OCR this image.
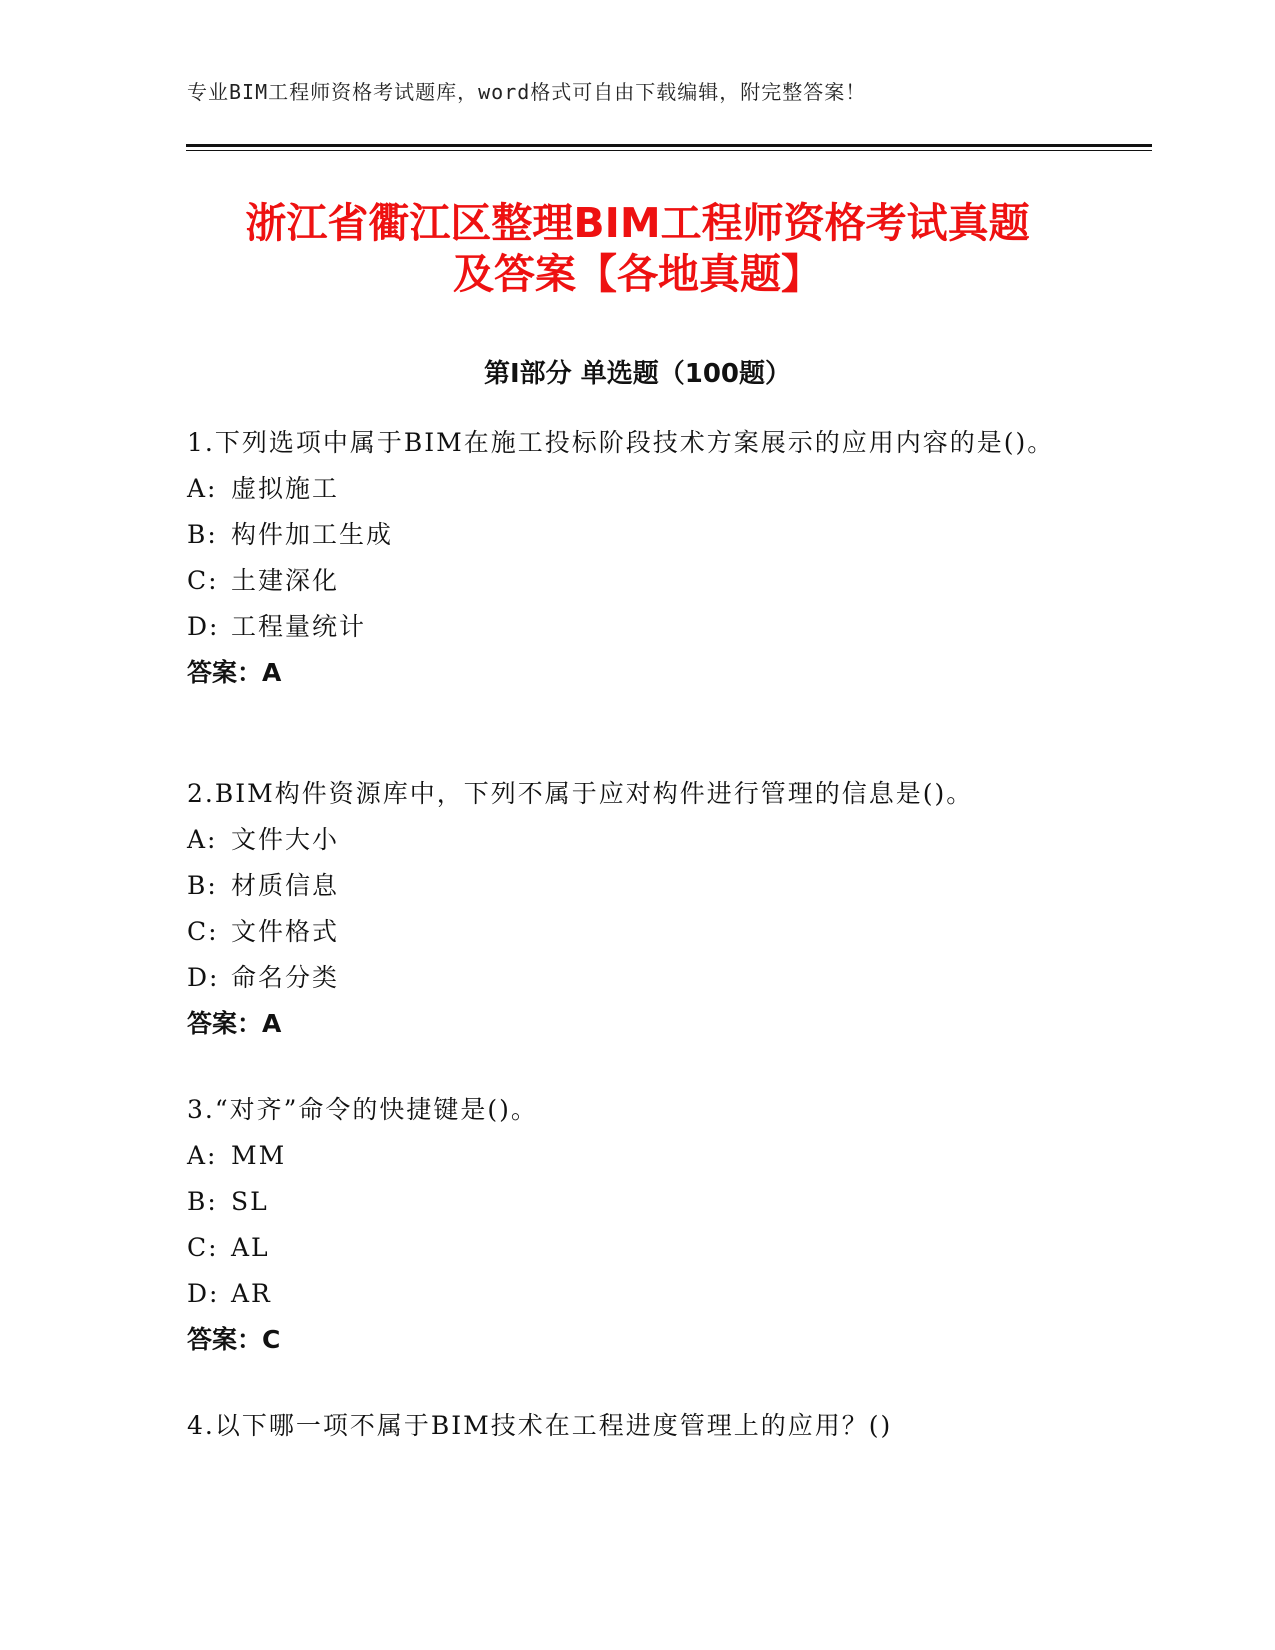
专业BIM工程师资格考试题库，word格式可自由下载编辑，附完整答案！
浙江省衢江区整理BIM工程师资格考试真题
及答案【各地真题】
第I部分 单选题（100题）
1.下列选项中属于BIM在施工投标阶段技术方案展示的应用内容的是()。
A: 虚拟施工
B: 构件加工生成
C: 土建深化
D: 工程量统计
答案：A
2.BIM构件资源库中，下列不属于应对构件进行管理的信息是()。
A: 文件大小
B: 材质信息
C: 文件格式
D: 命名分类
答案：A
3.“对齐”命令的快捷键是()。
A: MM
B: SL
C: AL
D: AR
答案：C
4.以下哪一项不属于BIM技术在工程进度管理上的应用？()
